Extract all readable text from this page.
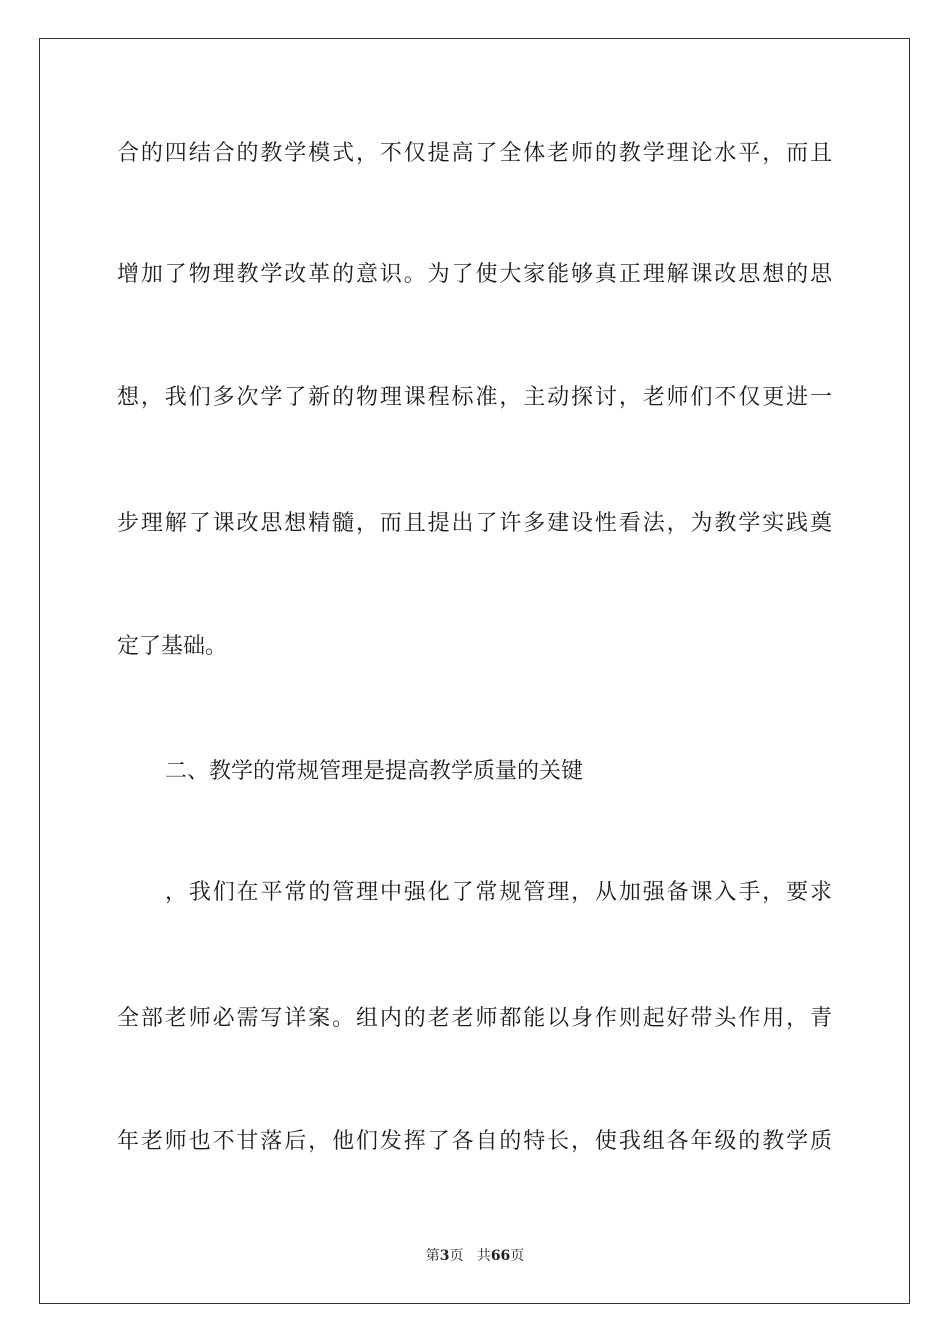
合的四结合的教学模式，不仅提高了全体老师的教学理论水平，而且
增加了物理教学改革的意识。为了使大家能够真正理解课改思想的思
想，我们多次学了新的物理课程标准，主动探讨，老师们不仅更进一
步理解了课改思想精髓，而且提出了许多建设性看法，为教学实践奠
定了基础。
二、教学的常规管理是提高教学质量的关键
，我们在平常的管理中强化了常规管理，从加强备课入手，要求
全部老师必需写详案。组内的老老师都能以身作则起好带头作用，青
年老师也不甘落后，他们发挥了各自的特长，使我组各年级的教学质
第3页 共66页
